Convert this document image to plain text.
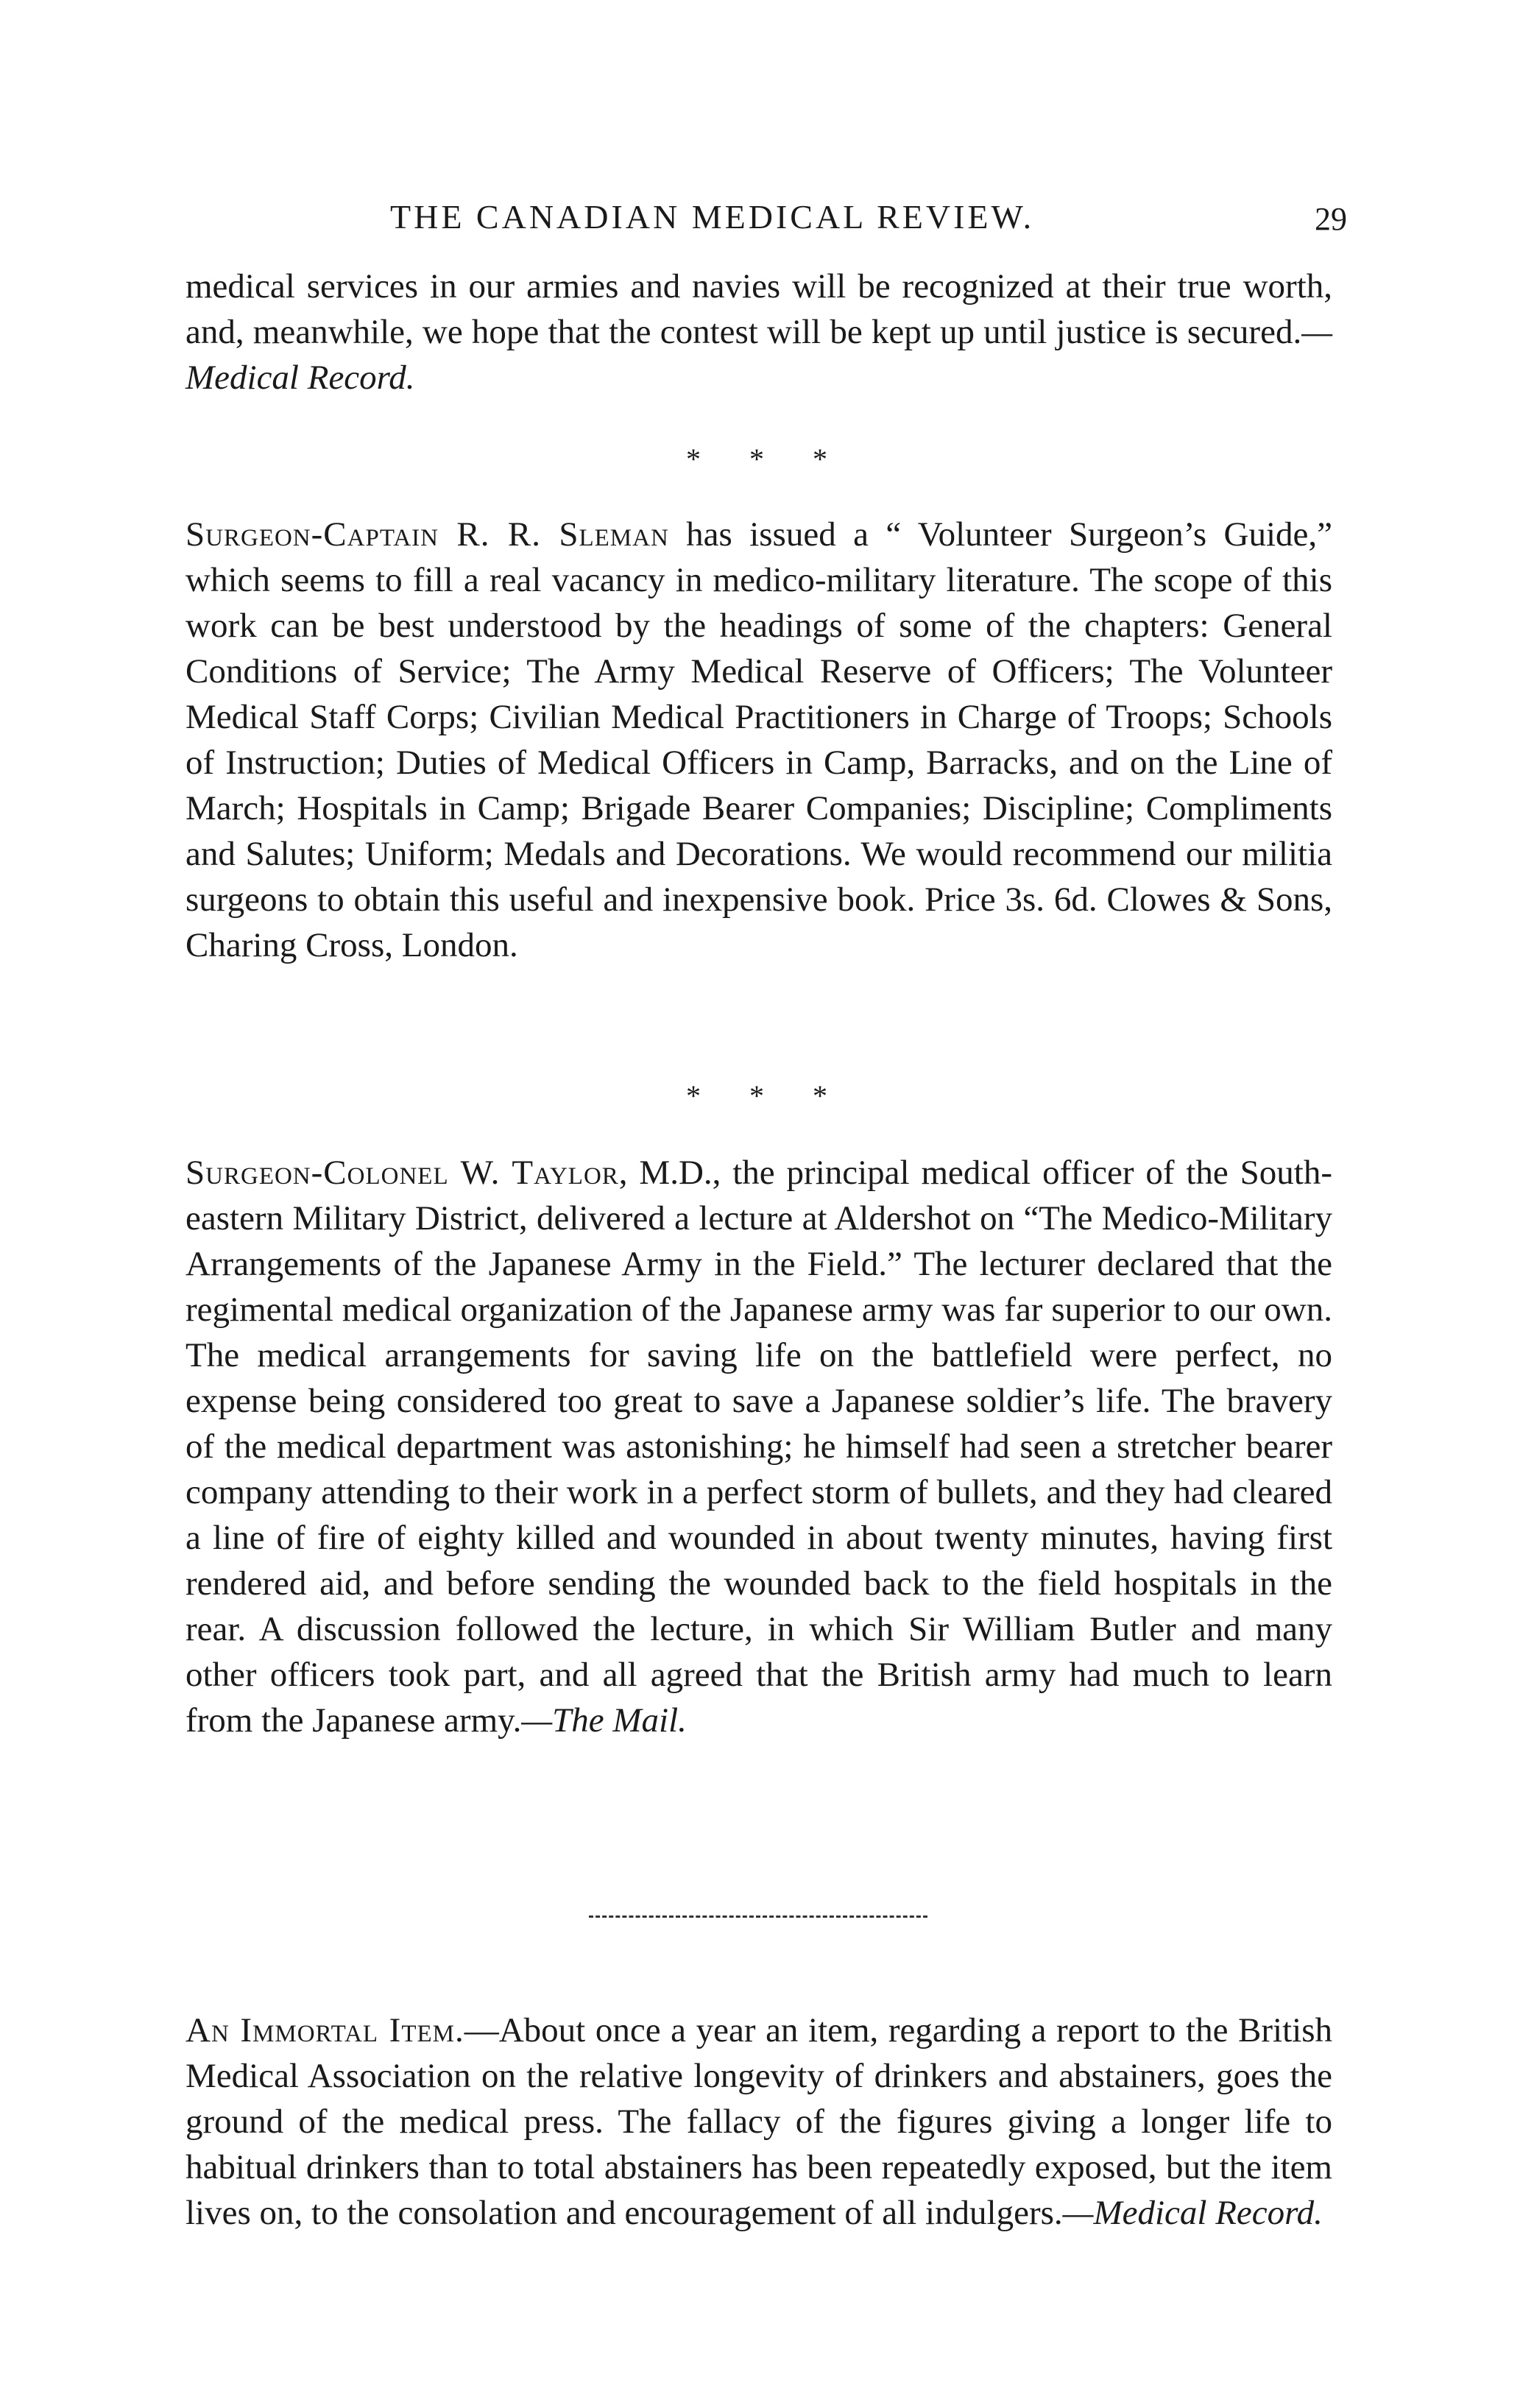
THE CANADIAN MEDICAL REVIEW.	29
medical services in our armies and navies will be recognized at their true worth, and, meanwhile, we hope that the contest will be kept up until justice is secured.—Medical Record.
* * *
Surgeon-Captain R. R. Sleman has issued a “ Volunteer Surgeon’s Guide,” which seems to fill a real vacancy in medico-military literature. The scope of this work can be best understood by the headings of some of the chapters: General Conditions of Service; The Army Medical Reserve of Officers; The Volunteer Medical Staff Corps; Civilian Medical Practitioners in Charge of Troops; Schools of Instruction; Duties of Medical Officers in Camp, Barracks, and on the Line of March; Hospitals in Camp; Brigade Bearer Companies; Discipline; Compliments and Salutes; Uniform; Medals and Decorations. We would recommend our militia surgeons to obtain this useful and inexpensive book. Price 3s. 6d. Clowes & Sons, Charing Cross, London.
* * *
Surgeon-Colonel W. Taylor, M.D., the principal medical officer of the South-eastern Military District, delivered a lecture at Aldershot on “The Medico-Military Arrangements of the Japanese Army in the Field.” The lecturer declared that the regimental medical organization of the Japanese army was far superior to our own. The medical arrangements for saving life on the battlefield were perfect, no expense being considered too great to save a Japanese soldier’s life. The bravery of the medical department was astonishing; he himself had seen a stretcher bearer company attending to their work in a perfect storm of bullets, and they had cleared a line of fire of eighty killed and wounded in about twenty minutes, having first rendered aid, and before sending the wounded back to the field hospitals in the rear. A discussion followed the lecture, in which Sir William Butler and many other officers took part, and all agreed that the British army had much to learn from the Japanese army.—The Mail.
An Immortal Item.—About once a year an item, regarding a report to the British Medical Association on the relative longevity of drinkers and abstainers, goes the ground of the medical press. The fallacy of the figures giving a longer life to habitual drinkers than to total abstainers has been repeatedly exposed, but the item lives on, to the consolation and encouragement of all indulgers.—Medical Record.
